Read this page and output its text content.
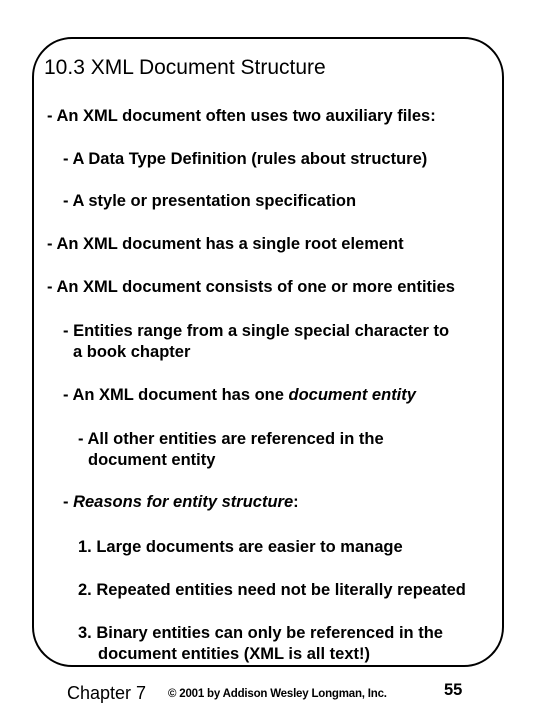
10.3 XML Document Structure
- An XML document often uses two auxiliary files:
- A Data Type Definition (rules about structure)
- A style or presentation specification
- An XML document has a single root element
- An XML document consists of one or more entities
- Entities range from a single special character to
a book chapter
- An XML document has one document entity
- All other entities are referenced in the
document entity
- Reasons for entity structure:
1. Large documents are easier to manage
2. Repeated entities need not be literally repeated
3. Binary entities can only be referenced in the
document entities (XML is all text!)
Chapter 7 © 2001 by Addison Wesley Longman, Inc.	55
